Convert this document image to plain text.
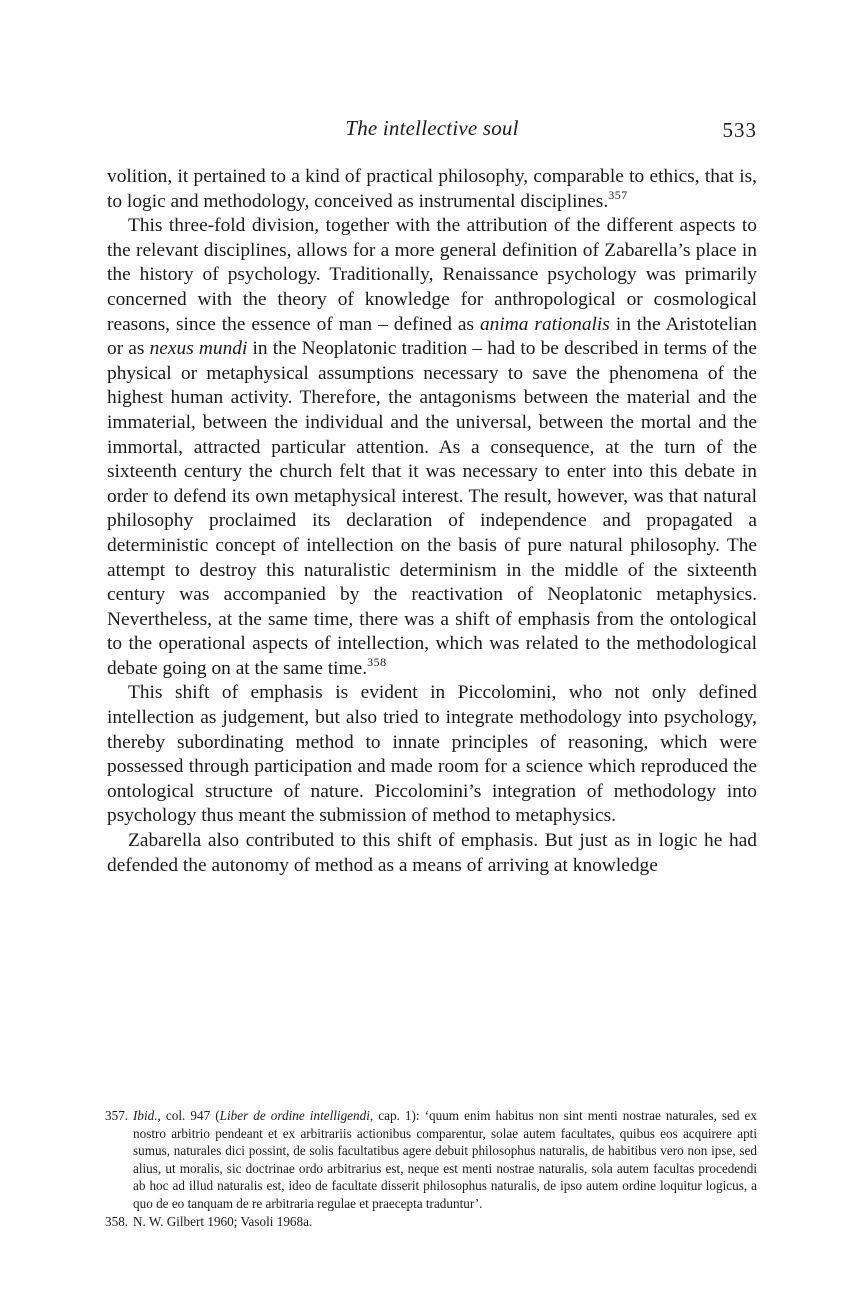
The intellective soul	533

volition, it pertained to a kind of practical philosophy, comparable to ethics, that is, to logic and methodology, conceived as instrumental disciplines.$^{357}$

This three-fold division, together with the attribution of the different aspects to the relevant disciplines, allows for a more general definition of Zabarella’s place in the history of psychology. Traditionally, Renaissance psychology was primarily concerned with the theory of knowledge for anthropological or cosmological reasons, since the essence of man – defined as anima rationalis in the Aristotelian or as nexus mundi in the Neoplatonic tradition – had to be described in terms of the physical or metaphysical assumptions necessary to save the phenomena of the highest human activity. Therefore, the antagonisms between the material and the immaterial, between the individual and the universal, between the mortal and the immortal, attracted particular attention. As a consequence, at the turn of the sixteenth century the church felt that it was necessary to enter into this debate in order to defend its own metaphysical interest. The result, however, was that natural philosophy proclaimed its declaration of independence and propagated a deterministic concept of intellection on the basis of pure natural philosophy. The attempt to destroy this naturalistic determinism in the middle of the sixteenth century was accompanied by the reactivation of Neoplatonic metaphysics. Nevertheless, at the same time, there was a shift of emphasis from the ontological to the operational aspects of intellection, which was related to the methodological debate going on at the same time.$^{358}$

This shift of emphasis is evident in Piccolomini, who not only defined intellection as judgement, but also tried to integrate methodology into psychology, thereby subordinating method to innate principles of reasoning, which were possessed through participation and made room for a science which reproduced the ontological structure of nature. Piccolomini’s integration of methodology into psychology thus meant the submission of method to metaphysics.

Zabarella also contributed to this shift of emphasis. But just as in logic he had defended the autonomy of method as a means of arriving at knowledge

357. Ibid., col. 947 (Liber de ordine intelligendi, cap. 1): ‘quum enim habitus non sint menti nostrae naturales, sed ex nostro arbitrio pendeant et ex arbitrariis actionibus comparentur, solae autem facultates, quibus eos acquirere apti sumus, naturales dici possint, de solis facultatibus agere debuit philosophus naturalis, de habitibus vero non ipse, sed alius, ut moralis, sic doctrinae ordo arbitrarius est, neque est menti nostrae naturalis, sola autem facultas procedendi ab hoc ad illud naturalis est, ideo de facultate disserit philosophus naturalis, de ipso autem ordine loquitur logicus, a quo de eo tanquam de re arbitraria regulae et praecepta traduntur’.
358. N. W. Gilbert 1960; Vasoli 1968a.
